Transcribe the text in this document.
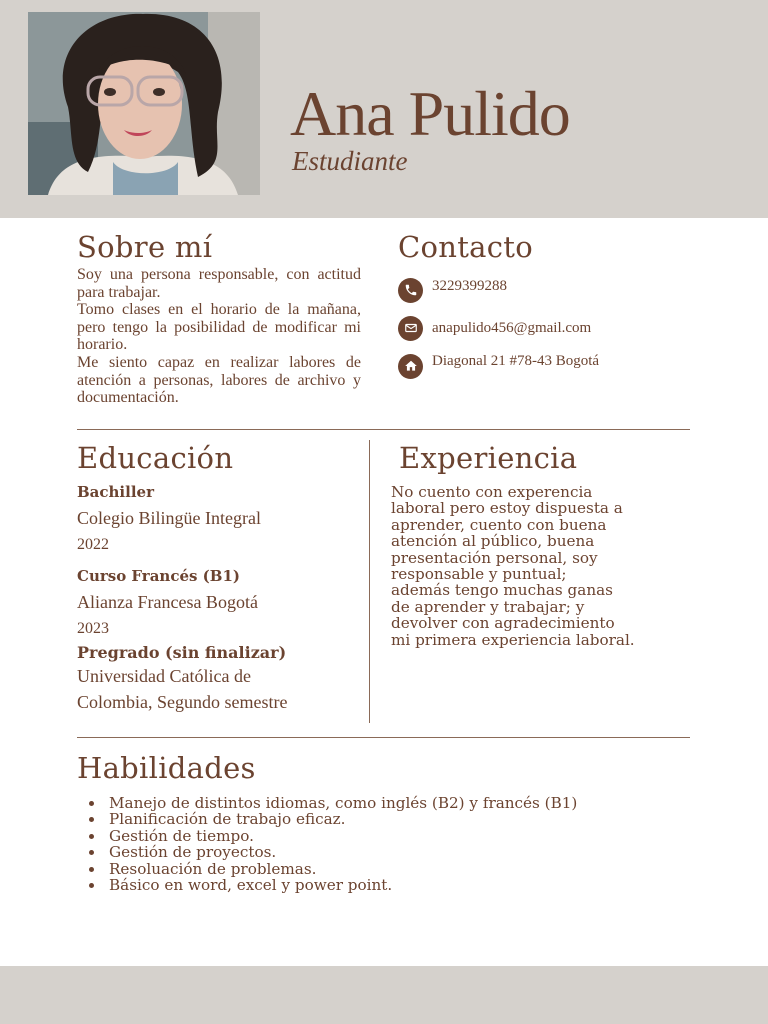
Ana Pulido
Estudiante
Sobre mí

Soy una persona responsable, con actitud para trabajar.

Tomo clases en el horario de la mañana, pero tengo la posibilidad de modificar mi horario.

Me siento capaz en realizar labores de atención a personas, labores de archivo y documentación.

Contacto
3229399288
anapulido456@gmail.com
Diagonal 21 #78-43 Bogotá
Educación
Bachiller
Colegio Bilingüe Integral
2022
Curso Francés (B1)
Alianza Francesa Bogotá
2023
Pregrado (sin finalizar)
Universidad Católica de
Colombia, Segundo semestre
Experiencia
No cuento con experencia
laboral pero estoy dispuesta a
aprender, cuento con buena
atención al público, buena
presentación personal, soy
responsable y puntual;
además tengo muchas ganas
de aprender y trabajar; y
devolver con agradecimiento
mi primera experiencia laboral.
Habilidades
Manejo de distintos idiomas, como inglés (B2) y francés (B1)
Planificación de trabajo eficaz.
Gestión de tiempo.
Gestión de proyectos.
Resoluación de problemas.
Básico en word, excel y power point.
